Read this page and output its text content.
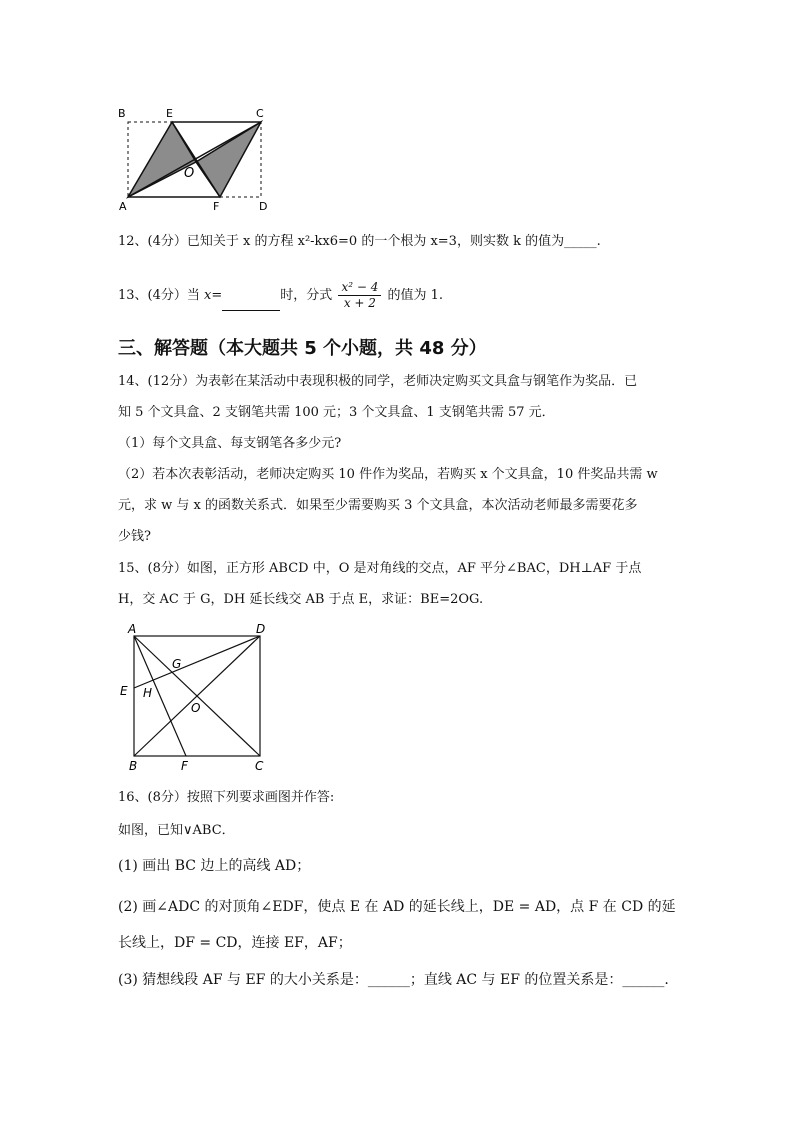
B	E	C
O
A	F	D
12、(4分）已知关于 x 的方程 x²-kx6=0 的一个根为 x=3，则实数 k 的值为_____.
13、(4分）当 x=	时，分式 $\frac{\text{x² − 4}}{x + 2}$ 的值为 1.
三、解答题（本大题共 5 个小题，共 48 分）
14、(12分）为表彰在某活动中表现积极的同学，老师决定购买文具盒与钢笔作为奖品．已
知 5 个文具盒、2 支钢笔共需 100 元；3 个文具盒、1 支钢笔共需 57 元．
（1）每个文具盒、每支钢笔各多少元?
（2）若本次表彰活动，老师决定购买 10 件作为奖品，若购买 x 个文具盒，10 件奖品共需 w
元，求 w 与 x 的函数关系式．如果至少需要购买 3 个文具盒，本次活动老师最多需要花多
少钱?
15、(8分）如图，正方形 ABCD 中，O 是对角线的交点，AF 平分∠BAC，DH⊥AF 于点
H，交 AC 于 G，DH 延长线交 AB 于点 E，求证：BE=2OG.
A	D
G
E H
O
B	F	C
16、(8分）按照下列要求画图并作答:
如图，已知∨ABC．
(1) 画出 BC 边上的高线 AD；
(2) 画∠ADC 的对顶角∠EDF，使点 E 在 AD 的延长线上，DE = AD，点 F 在 CD 的延
长线上，DF = CD，连接 EF，AF；
(3) 猜想线段 AF 与 EF 的大小关系是：______；直线 AC 与 EF 的位置关系是：______.
